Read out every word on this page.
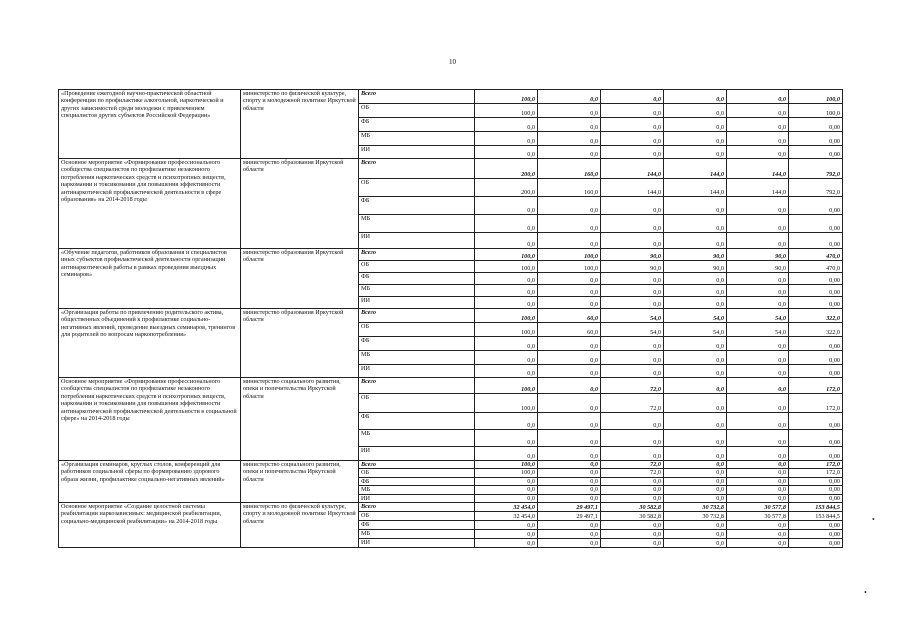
10
«Проведение ежегодной научно-практической областной конференции по профилактике алкогольной, наркотической и других зависимостей среди молодежи с привлечением специалистов других субъектов Российской Федерации»	министерство по физической культуре, спорту и молодежной политике Иркутской области	Всего	100,0	0,0	0,0	0,0	0,0	100,0	
		ОБ	100,0	0,0	0,0	0,0	0,0	100,0	
		ФБ	0,0	0,0	0,0	0,0	0,0	0,00	
		МБ	0,0	0,0	0,0	0,0	0,0	0,00	
		ИИ	0,0	0,0	0,0	0,0	0,0	0,00	
Основное мероприятие «Формирование профессионального сообщества специалистов по профилактике незаконного потребления наркотических средств и психотропных веществ, наркомании и токсикомании для повышения эффективности антинаркотической профилактической деятельности в сфере образования» на 2014-2018 годы	министерство образования Иркутской области	Всего	200,0	160,0	144,0	144,0	144,0	792,0	
		ОБ	200,0	160,0	144,0	144,0	144,0	792,0	
		ФБ	0,0	0,0	0,0	0,0	0,0	0,00	
		МБ	0,0	0,0	0,0	0,0	0,0	0,00	
		ИИ	0,0	0,0	0,0	0,0	0,0	0,00	
«Обучение педагогов, работников образования и специалистов иных субъектов профилактической деятельности организации антинаркотической работы в рамках проведения выездных семинаров»	министерство образования Иркутской области	Всего	100,0	100,0	90,0	90,0	90,0	470,0	
		ОБ	100,0	100,0	90,0	90,0	90,0	470,0	
		ФБ	0,0	0,0	0,0	0,0	0,0	0,00	
		МБ	0,0	0,0	0,0	0,0	0,0	0,00	
		ИИ	0,0	0,0	0,0	0,0	0,0	0,00	
«Организация работы по привлечению родительского актива, общественных объединений к профилактике социально-негативных явлений, проведение выездных семинаров, тренингов для родителей по вопросам наркопотребления»	министерство образования Иркутской области	Всего	100,0	60,0	54,0	54,0	54,0	322,0	
		ОБ	100,0	60,0	54,0	54,0	54,0	322,0	
		ФБ	0,0	0,0	0,0	0,0	0,0	0,00	
		МБ	0,0	0,0	0,0	0,0	0,0	0,00	
		ИИ	0,0	0,0	0,0	0,0	0,0	0,00	
Основное мероприятие «Формирование профессионального сообщества специалистов по профилактике незаконного потребления наркотических средств и психотропных веществ, наркомании и токсикомании для повышения эффективности антинаркотической профилактической деятельности в социальной сфере» на 2014-2018 годы	министерство социального развития, опеки и попечительства Иркутской области	Всего	100,0	0,0	72,0	0,0	0,0	172,0	
		ОБ	100,0	0,0	72,0	0,0	0,0	172,0	
		ФБ	0,0	0,0	0,0	0,0	0,0	0,00	
		МБ	0,0	0,0	0,0	0,0	0,0	0,00	
		ИИ	0,0	0,0	0,0	0,0	0,0	0,00	
«Организация семинаров, круглых столов, конференций для работников социальной сферы по формированию здорового образа жизни, профилактике социально-негативных явлений»	министерство социального развития, опеки и попечительства Иркутской области	Всего	100,0	0,0	72,0	0,0	0,0	172,0	
		ОБ	100,0	0,0	72,0	0,0	0,0	172,0	
		ФБ	0,0	0,0	0,0	0,0	0,0	0,00	
		МБ	0,0	0,0	0,0	0,0	0,0	0,00	
		ИИ	0,0	0,0	0,0	0,0	0,0	0,00	
Основное мероприятие «Создание целостной системы реабилитации наркозависимых: медицинской реабилитации, социально-медицинской реабилитации» на 2014-2018 годы	министерство по физической культуре, спорту и молодежной политике Иркутской области	Всего	32 454,0	29 497,1	30 582,8	30 732,8	30 577,8	153 844,5	
		ОБ	32 454,0	29 497,1	30 582,8	30 732,8	30 577,8	153 844,5	
		ФБ	0,0	0,0	0,0	0,0	0,0	0,00	
		МБ	0,0	0,0	0,0	0,0	0,0	0,00	
		ИИ	0,0	0,0	0,0	0,0	0,0	0,00	
•
•
